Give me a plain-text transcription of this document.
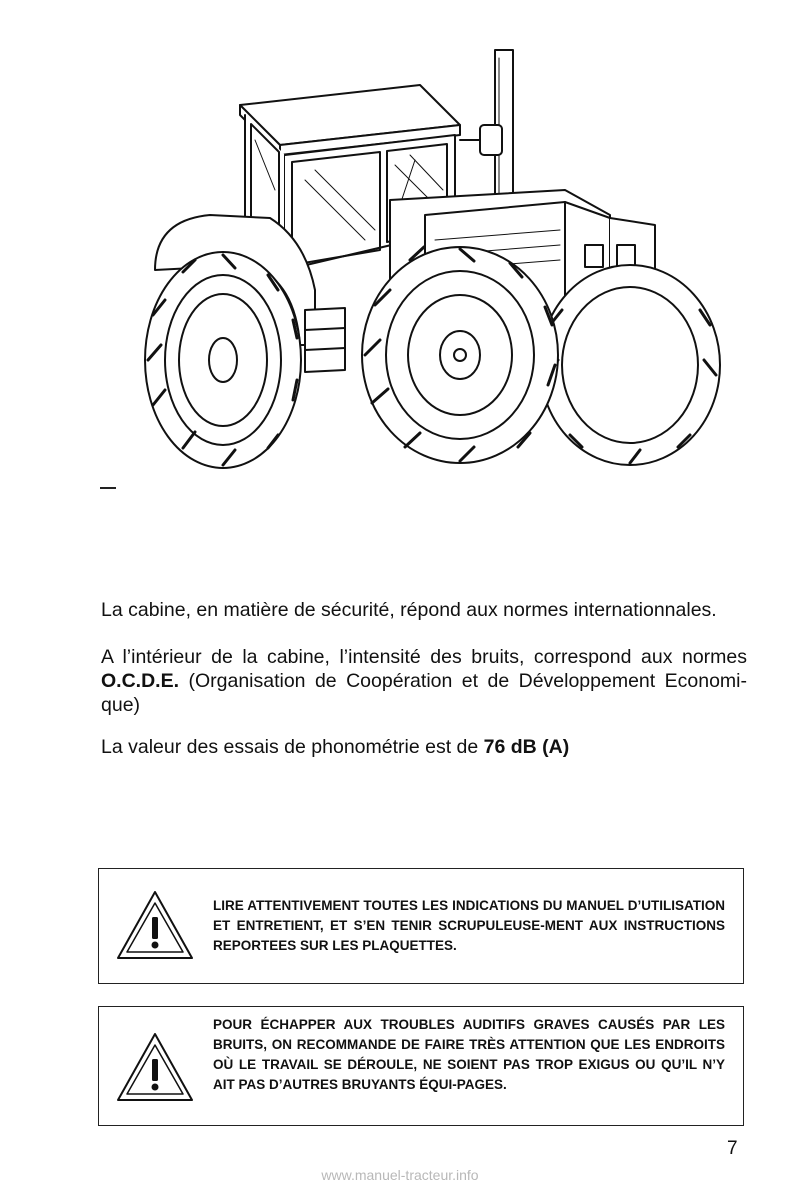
La cabine, en matière de sécurité, répond aux normes internationnales.

A l’intérieur de la cabine, l’intensité des bruits, correspond aux normes O.C.D.E. (Organisation de Coopération et de Développement Economi-que)

La valeur des essais de phonométrie est de 76 dB (A)

LIRE ATTENTIVEMENT TOUTES LES INDICATIONS DU MANUEL D’UTILISATION ET ENTRETIENT, ET S’EN TENIR SCRUPULEUSE-MENT AUX INSTRUCTIONS REPORTEES SUR LES PLAQUETTES.

POUR ÉCHAPPER AUX TROUBLES AUDITIFS GRAVES CAUSÉS PAR LES BRUITS, ON RECOMMANDE DE FAIRE TRÈS ATTENTION QUE LES ENDROITS OÙ LE TRAVAIL SE DÉROULE, NE SOIENT PAS TROP EXIGUS OU QU’IL N’Y AIT PAS D’AUTRES BRUYANTS ÉQUI-PAGES.

7
www.manuel-tracteur.info
